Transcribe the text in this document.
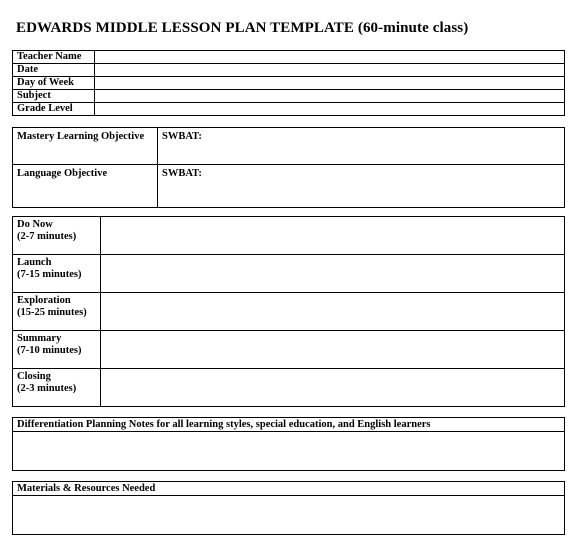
EDWARDS MIDDLE LESSON PLAN TEMPLATE (60-minute class)
Teacher Name	
Date	
Day of Week	
Subject	
Grade Level	
Mastery Learning Objective	SWBAT:
Language Objective	SWBAT:
Do Now
(2-7 minutes)	

Launch
(7-15 minutes)	

Exploration
(15-25 minutes)	

Summary
(7-10 minutes)	

Closing
(2-3 minutes)	

Differentiation Planning Notes for all learning styles, special education, and English learners

Materials & Resources Needed
